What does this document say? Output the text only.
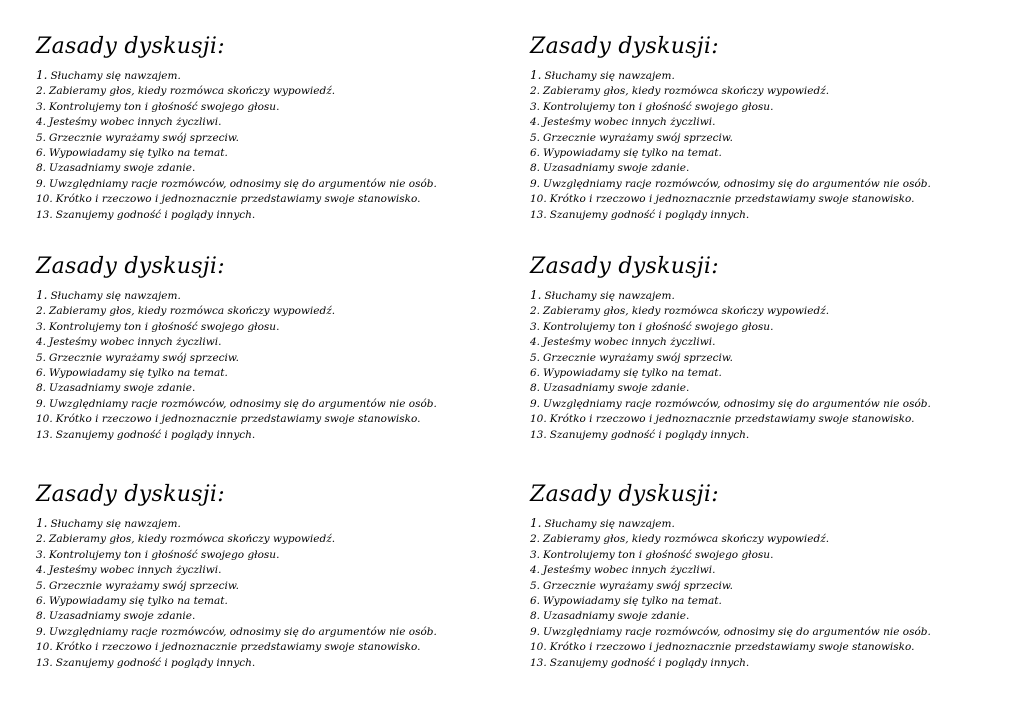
Zasady dyskusji:
1. Słuchamy się nawzajem.
2. Zabieramy głos, kiedy rozmówca skończy wypowiedź.
3. Kontrolujemy ton i głośność swojego głosu.
4. Jesteśmy wobec innych życzliwi.
5. Grzecznie wyrażamy swój sprzeciw.
6. Wypowiadamy się tylko na temat.
8. Uzasadniamy swoje zdanie.
9. Uwzględniamy racje rozmówców, odnosimy się do argumentów nie osób.
10. Krótko i rzeczowo i jednoznacznie przedstawiamy swoje stanowisko.
13. Szanujemy godność i poglądy innych.
Zasady dyskusji:
1. Słuchamy się nawzajem.
2. Zabieramy głos, kiedy rozmówca skończy wypowiedź.
3. Kontrolujemy ton i głośność swojego głosu.
4. Jesteśmy wobec innych życzliwi.
5. Grzecznie wyrażamy swój sprzeciw.
6. Wypowiadamy się tylko na temat.
8. Uzasadniamy swoje zdanie.
9. Uwzględniamy racje rozmówców, odnosimy się do argumentów nie osób.
10. Krótko i rzeczowo i jednoznacznie przedstawiamy swoje stanowisko.
13. Szanujemy godność i poglądy innych.
Zasady dyskusji:
1. Słuchamy się nawzajem.
2. Zabieramy głos, kiedy rozmówca skończy wypowiedź.
3. Kontrolujemy ton i głośność swojego głosu.
4. Jesteśmy wobec innych życzliwi.
5. Grzecznie wyrażamy swój sprzeciw.
6. Wypowiadamy się tylko na temat.
8. Uzasadniamy swoje zdanie.
9. Uwzględniamy racje rozmówców, odnosimy się do argumentów nie osób.
10. Krótko i rzeczowo i jednoznacznie przedstawiamy swoje stanowisko.
13. Szanujemy godność i poglądy innych.
Zasady dyskusji:
1. Słuchamy się nawzajem.
2. Zabieramy głos, kiedy rozmówca skończy wypowiedź.
3. Kontrolujemy ton i głośność swojego głosu.
4. Jesteśmy wobec innych życzliwi.
5. Grzecznie wyrażamy swój sprzeciw.
6. Wypowiadamy się tylko na temat.
8. Uzasadniamy swoje zdanie.
9. Uwzględniamy racje rozmówców, odnosimy się do argumentów nie osób.
10. Krótko i rzeczowo i jednoznacznie przedstawiamy swoje stanowisko.
13. Szanujemy godność i poglądy innych.
Zasady dyskusji:
1. Słuchamy się nawzajem.
2. Zabieramy głos, kiedy rozmówca skończy wypowiedź.
3. Kontrolujemy ton i głośność swojego głosu.
4. Jesteśmy wobec innych życzliwi.
5. Grzecznie wyrażamy swój sprzeciw.
6. Wypowiadamy się tylko na temat.
8. Uzasadniamy swoje zdanie.
9. Uwzględniamy racje rozmówców, odnosimy się do argumentów nie osób.
10. Krótko i rzeczowo i jednoznacznie przedstawiamy swoje stanowisko.
13. Szanujemy godność i poglądy innych.
Zasady dyskusji:
1. Słuchamy się nawzajem.
2. Zabieramy głos, kiedy rozmówca skończy wypowiedź.
3. Kontrolujemy ton i głośność swojego głosu.
4. Jesteśmy wobec innych życzliwi.
5. Grzecznie wyrażamy swój sprzeciw.
6. Wypowiadamy się tylko na temat.
8. Uzasadniamy swoje zdanie.
9. Uwzględniamy racje rozmówców, odnosimy się do argumentów nie osób.
10. Krótko i rzeczowo i jednoznacznie przedstawiamy swoje stanowisko.
13. Szanujemy godność i poglądy innych.
